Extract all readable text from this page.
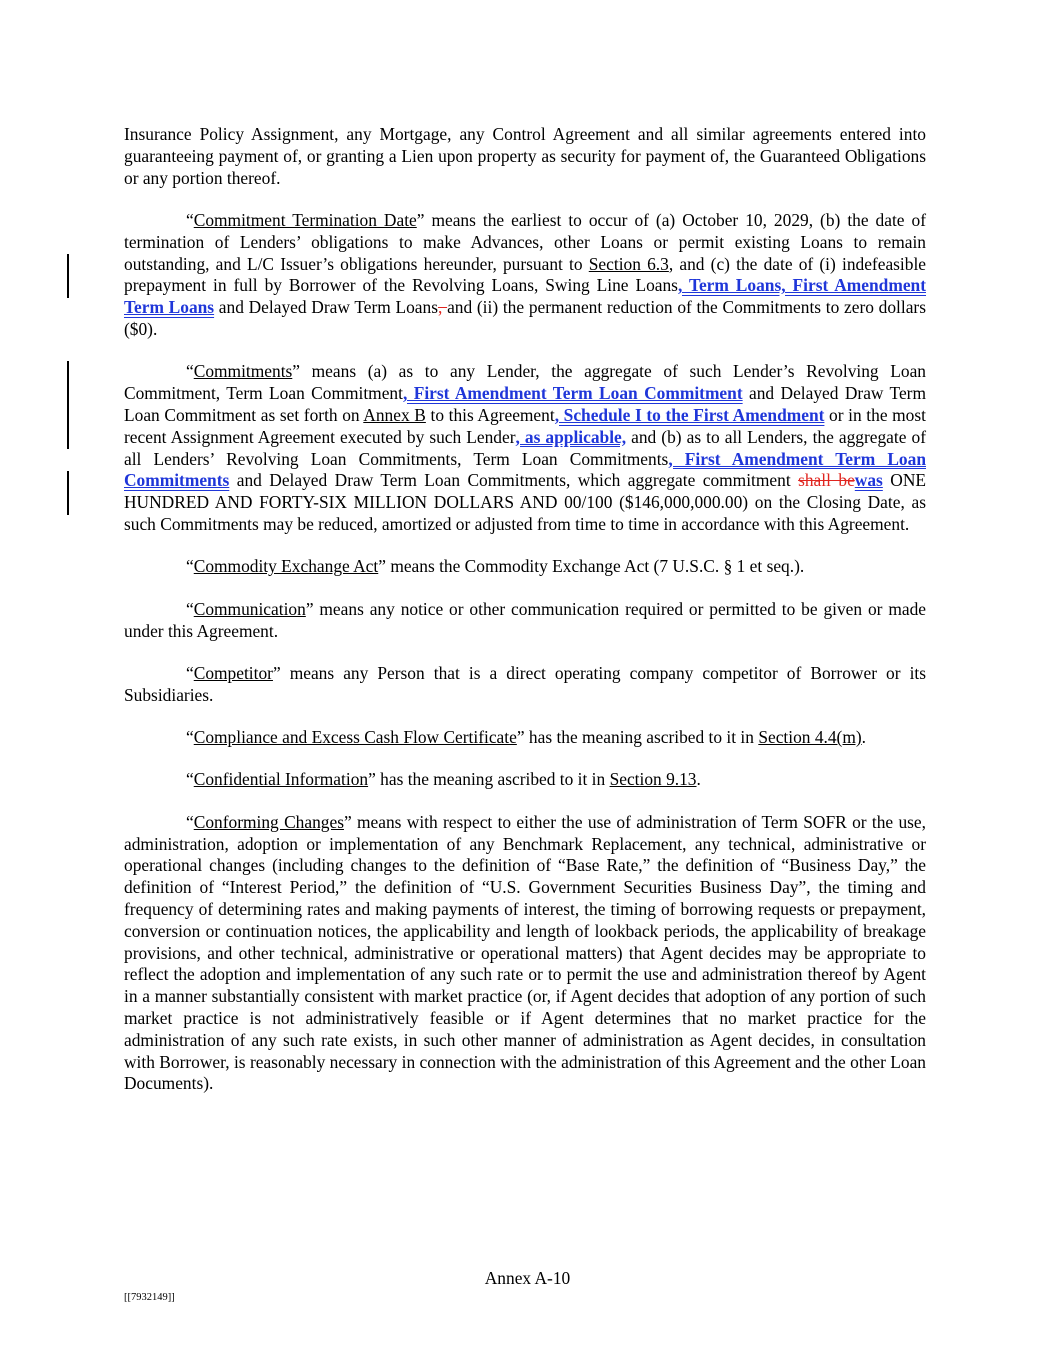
Insurance Policy Assignment, any Mortgage, any Control Agreement and all similar agreements entered into guaranteeing payment of, or granting a Lien upon property as security for payment of, the Guaranteed Obligations or any portion thereof.

“Commitment Termination Date” means the earliest to occur of (a) October 10, 2029, (b) the date of termination of Lenders’ obligations to make Advances, other Loans or permit existing Loans to remain outstanding, and L/C Issuer’s obligations hereunder, pursuant to Section 6.3, and (c) the date of (i) indefeasible prepayment in full by Borrower of the Revolving Loans, Swing Line Loans, Term Loans, First Amendment Term Loans and Delayed Draw Term Loans, and (ii) the permanent reduction of the Commitments to zero dollars ($0).

“Commitments” means (a) as to any Lender, the aggregate of such Lender’s Revolving Loan Commitment, Term Loan Commitment, First Amendment Term Loan Commitment and Delayed Draw Term Loan Commitment as set forth on Annex B to this Agreement, Schedule I to the First Amendment or in the most recent Assignment Agreement executed by such Lender, as applicable, and (b) as to all Lenders, the aggregate of all Lenders’ Revolving Loan Commitments, Term Loan Commitments, First Amendment Term Loan Commitments and Delayed Draw Term Loan Commitments, which aggregate commitment shall bewas ONE HUNDRED AND FORTY-SIX MILLION DOLLARS AND 00/100 ($146,000,000.00) on the Closing Date, as such Commitments may be reduced, amortized or adjusted from time to time in accordance with this Agreement.

“Commodity Exchange Act” means the Commodity Exchange Act (7 U.S.C. § 1 et seq.).

“Communication” means any notice or other communication required or permitted to be given or made under this Agreement.

“Competitor” means any Person that is a direct operating company competitor of Borrower or its Subsidiaries.

“Compliance and Excess Cash Flow Certificate” has the meaning ascribed to it in Section 4.4(m).

“Confidential Information” has the meaning ascribed to it in Section 9.13.

“Conforming Changes” means with respect to either the use of administration of Term SOFR or the use, administration, adoption or implementation of any Benchmark Replacement, any technical, administrative or operational changes (including changes to the definition of “Base Rate,” the definition of “Business Day,” the definition of “Interest Period,” the definition of “U.S. Government Securities Business Day”, the timing and frequency of determining rates and making payments of interest, the timing of borrowing requests or prepayment, conversion or continuation notices, the applicability and length of lookback periods, the applicability of breakage provisions, and other technical, administrative or operational matters) that Agent decides may be appropriate to reflect the adoption and implementation of any such rate or to permit the use and administration thereof by Agent in a manner substantially consistent with market practice (or, if Agent decides that adoption of any portion of such market practice is not administratively feasible or if Agent determines that no market practice for the administration of any such rate exists, in such other manner of administration as Agent decides, in consultation with Borrower, is reasonably necessary in connection with the administration of this Agreement and the other Loan Documents).

Annex A-10
[[7932149]]
